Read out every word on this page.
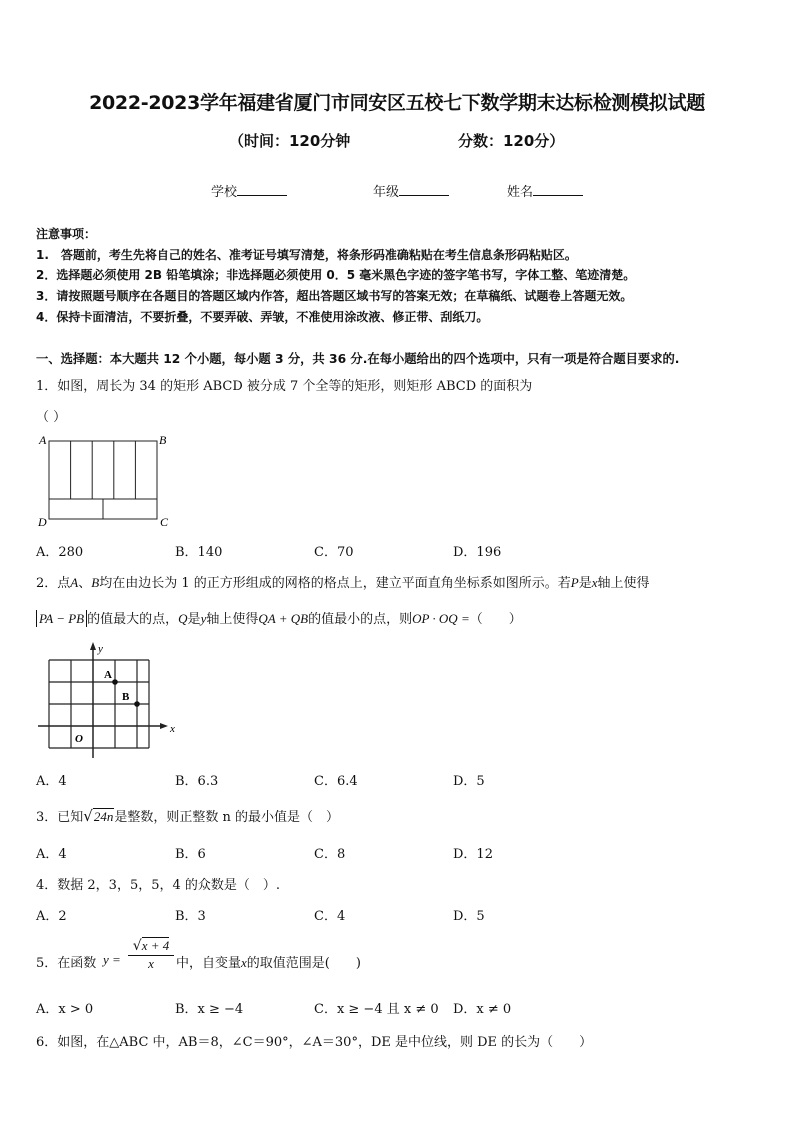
2022-2023学年福建省厦门市同安区五校七下数学期末达标检测模拟试题
（时间：120分钟	分数：120分）
学校	年级	姓名
注意事项：
1.　答题前，考生先将自己的姓名、准考证号填写清楚，将条形码准确粘贴在考生信息条形码粘贴区。
2．选择题必须使用 2B 铅笔填涂；非选择题必须使用 0．5 毫米黑色字迹的签字笔书写，字体工整、笔迹清楚。
3．请按照题号顺序在各题目的答题区域内作答，超出答题区域书写的答案无效；在草稿纸、试题卷上答题无效。
4．保持卡面清洁，不要折叠，不要弄破、弄皱，不准使用涂改液、修正带、刮纸刀。
一、选择题：本大题共 12 个小题，每小题 3 分，共 36 分.在每小题给出的四个选项中，只有一项是符合题目要求的.
1．如图，周长为 34 的矩形 ABCD 被分成 7 个全等的矩形，则矩形 ABCD 的面积为
（ ）
A	B
C
D
A．280	B．140	C．70	D．196
2．点A、B均在由边长为 1 的正方形组成的网格的格点上，建立平面直角坐标系如图所示。若P是x轴上使得
PA − PB 的值最大的点，Q是y轴上使得QA + QB的值最小的点，则OP · OQ =（　　）
y
x
A
B
O
A．4	B．6.3	C．6.4	D．5
3．已知√24n是整数，则正整数 n 的最小值是（　）
A．4	B．6	C．8	D．12
4．数据 2，3，5，5，4 的众数是（　）.
A．2	B．3	C．4	D．5
5．在函数 $y = \frac{√x + 4}{x}$ 中，自变量x的取值范围是(　　)
A．x > 0	B．x ≥ −4	C．x ≥ −4 且 x ≠ 0 D．x ≠ 0
6．如图，在△ABC 中，AB＝8，∠C＝90°，∠A＝30°，DE 是中位线，则 DE 的长为（　　）
